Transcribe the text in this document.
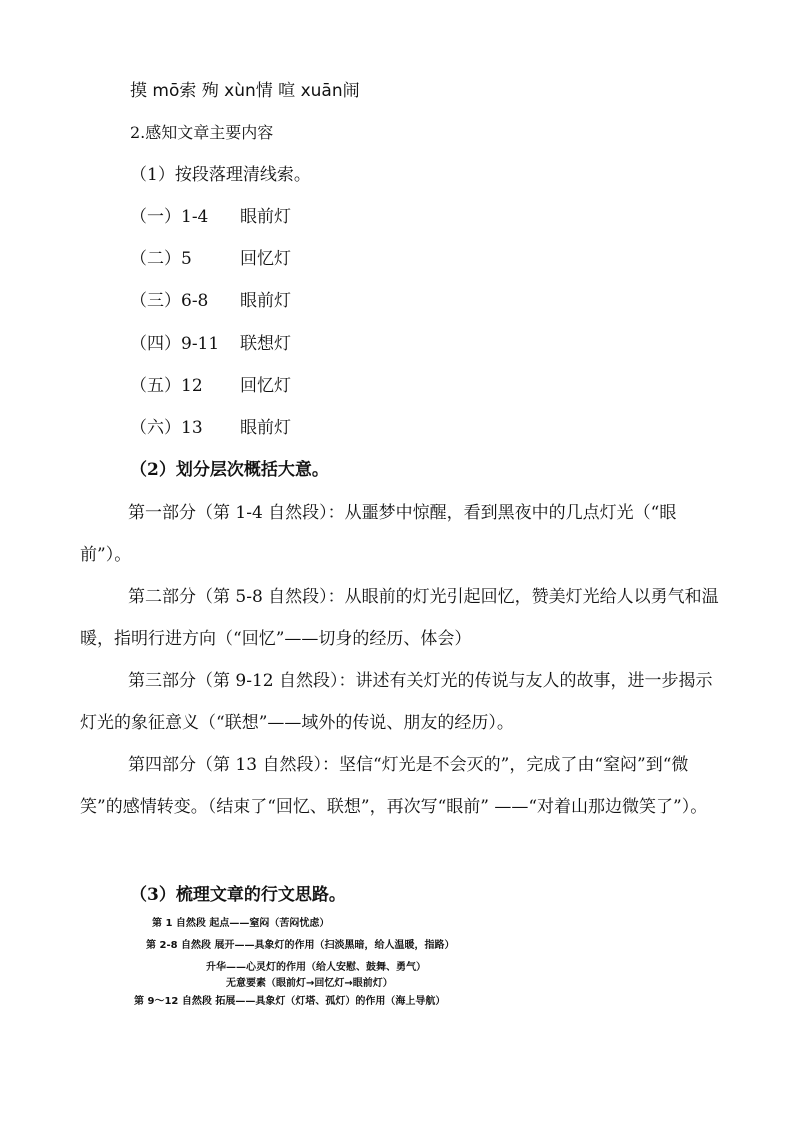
摸 mō索 殉 xùn情 喧 xuān闹
2.感知文章主要内容
（1）按段落理清线索。
（一）1-4 眼前灯
（二）5	回忆灯
（三）6-8 眼前灯
（四）9-11 联想灯
（五）12 回忆灯
（六）13 眼前灯
（2）划分层次概括大意。
第一部分（第 1-4 自然段）：从噩梦中惊醒，看到黑夜中的几点灯光（“眼前”）。
第二部分（第 5-8 自然段）：从眼前的灯光引起回忆，赞美灯光给人以勇气和温暖，指明行进方向（“回忆”——切身的经历、体会）
第三部分（第 9-12 自然段）：讲述有关灯光的传说与友人的故事，进一步揭示灯光的象征意义（“联想”——域外的传说、朋友的经历）。
第四部分（第 13 自然段）：坚信“灯光是不会灭的”，完成了由“窒闷”到“微笑”的感情转变。（结束了“回忆、联想”，再次写“眼前” ——“对着山那边微笑了”）。
（3）梳理文章的行文思路。
第 1 自然段 起点——窒闷（苦闷忧虑）
第 2-8 自然段 展开——具象灯的作用（扫淡黑暗，给人温暖，指路）
升华——心灵灯的作用（给人安慰、鼓舞、勇气）
无意要素（眼前灯→回忆灯→眼前灯）
第 9～12 自然段 拓展——具象灯（灯塔、孤灯）的作用（海上导航）
